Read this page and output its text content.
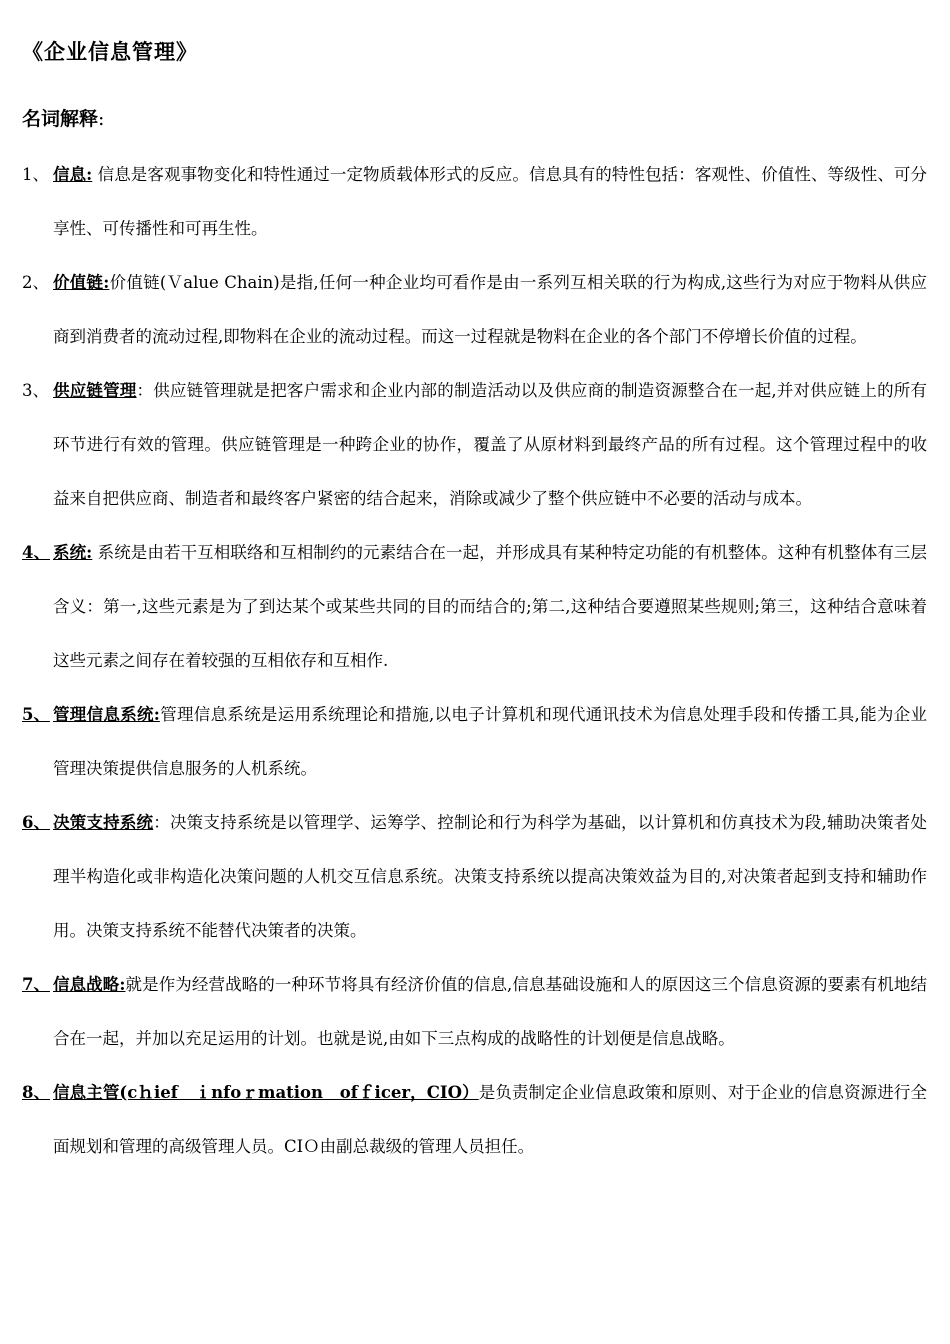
《企业信息管理》
名词解释:
1、 信息: 信息是客观事物变化和特性通过一定物质载体形式的反应。信息具有的特性包括：客观性、价值性、等级性、可分享性、可传播性和可再生性。
2、 价值链:价值链(Ｖalue Chain)是指,任何一种企业均可看作是由一系列互相关联的行为构成,这些行为对应于物料从供应商到消费者的流动过程,即物料在企业的流动过程。而这一过程就是物料在企业的各个部门不停增长价值的过程。
3、 供应链管理：供应链管理就是把客户需求和企业内部的制造活动以及供应商的制造资源整合在一起,并对供应链上的所有环节进行有效的管理。供应链管理是一种跨企业的协作，覆盖了从原材料到最终产品的所有过程。这个管理过程中的收益来自把供应商、制造者和最终客户紧密的结合起来，消除或减少了整个供应链中不必要的活动与成本。
4、 系统: 系统是由若干互相联络和互相制约的元素结合在一起，并形成具有某种特定功能的有机整体。这种有机整体有三层含义：第一,这些元素是为了到达某个或某些共同的目的而结合的;第二,这种结合要遵照某些规则;第三，这种结合意味着这些元素之间存在着较强的互相依存和互相作.
5、 管理信息系统:管理信息系统是运用系统理论和措施,以电子计算机和现代通讯技术为信息处理手段和传播工具,能为企业管理决策提供信息服务的人机系统。
6、 决策支持系统：决策支持系统是以管理学、运筹学、控制论和行为科学为基础，以计算机和仿真技术为段,辅助决策者处理半构造化或非构造化决策问题的人机交互信息系统。决策支持系统以提高决策效益为目的,对决策者起到支持和辅助作用。决策支持系统不能替代决策者的决策。
7、 信息战略:就是作为经营战略的一种环节将具有经济价值的信息,信息基础设施和人的原因这三个信息资源的要素有机地结合在一起，并加以充足运用的计划。也就是说,由如下三点构成的战略性的计划便是信息战略。
8、 信息主管(cｈief　ｉnfoｒmation　ofｆicer，CIO）是负责制定企业信息政策和原则、对于企业的信息资源进行全面规划和管理的高级管理人员。CIＯ由副总裁级的管理人员担任。
